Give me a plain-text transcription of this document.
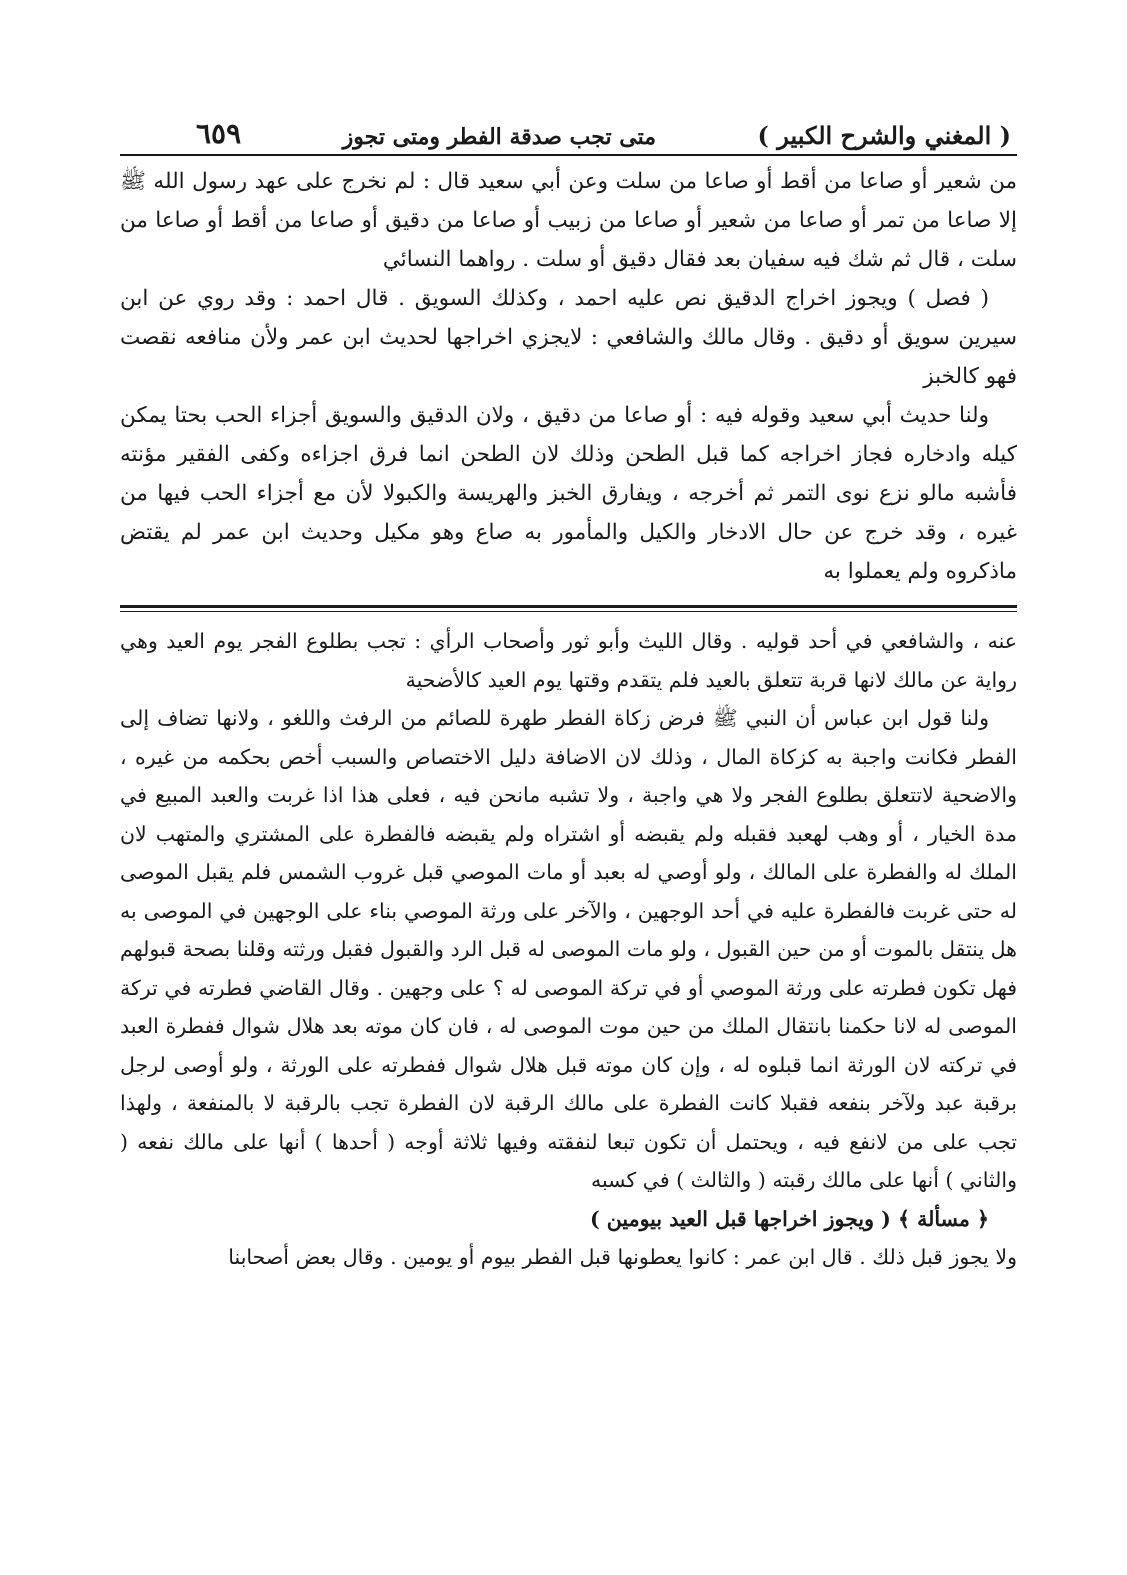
( المغني والشرح الكبير )
متى تجب صدقة الفطر ومتى تجوز
٦٥٩

من شعير أو صاعا من أقط أو صاعا من سلت وعن أبي سعيد قال : لم نخرج على عهد رسول الله ﷺ إلا صاعا من تمر أو صاعا من شعير أو صاعا من زبيب أو صاعا من دقيق أو صاعا من أقط أو صاعا من سلت ، قال ثم شك فيه سفيان بعد فقال دقيق أو سلت . رواهما النسائي

( فصل ) ويجوز اخراج الدقيق نص عليه احمد ، وكذلك السويق . قال احمد : وقد روي عن ابن سيرين سويق أو دقيق . وقال مالك والشافعي : لايجزي اخراجها لحديث ابن عمر ولأن منافعه نقصت فهو كالخبز

ولنا حديث أبي سعيد وقوله فيه : أو صاعا من دقيق ، ولان الدقيق والسويق أجزاء الحب بحتا يمكن كيله وادخاره فجاز اخراجه كما قبل الطحن وذلك لان الطحن انما فرق اجزاءه وكفى الفقير مؤنته فأشبه مالو نزع نوى التمر ثم أخرجه ، ويفارق الخبز والهريسة والكبولا لأن مع أجزاء الحب فيها من غيره ، وقد خرج عن حال الادخار والكيل والمأمور به صاع وهو مكيل وحديث ابن عمر لم يقتض ماذكروه ولم يعملوا به

عنه ، والشافعي في أحد قوليه . وقال الليث وأبو ثور وأصحاب الرأي : تجب بطلوع الفجر يوم العيد وهي رواية عن مالك لانها قربة تتعلق بالعيد فلم يتقدم وقتها يوم العيد كالأضحية

ولنا قول ابن عباس أن النبي ﷺ فرض زكاة الفطر طهرة للصائم من الرفث واللغو ، ولانها تضاف إلى الفطر فكانت واجبة به كزكاة المال ، وذلك لان الاضافة دليل الاختصاص والسبب أخص بحكمه من غيره ، والاضحية لاتتعلق بطلوع الفجر ولا هي واجبة ، ولا تشبه مانحن فيه ، فعلى هذا اذا غربت والعبد المبيع في مدة الخيار ، أو وهب لهعبد فقبله ولم يقبضه أو اشتراه ولم يقبضه فالفطرة على المشتري والمتهب لان الملك له والفطرة على المالك ، ولو أوصي له بعبد أو مات الموصي قبل غروب الشمس فلم يقبل الموصى له حتى غربت فالفطرة عليه في أحد الوجهين ، والآخر على ورثة الموصي بناء على الوجهين في الموصى به هل ينتقل بالموت أو من حين القبول ، ولو مات الموصى له قبل الرد والقبول فقبل ورثته وقلنا بصحة قبولهم فهل تكون فطرته على ورثة الموصي أو في تركة الموصى له ؟ على وجهين . وقال القاضي فطرته في تركة الموصى له لانا حكمنا بانتقال الملك من حين موت الموصى له ، فان كان موته بعد هلال شوال ففطرة العبد في تركته لان الورثة انما قبلوه له ، وإن كان موته قبل هلال شوال ففطرته على الورثة ، ولو أوصى لرجل برقبة عبد ولآخر بنفعه فقبلا كانت الفطرة على مالك الرقبة لان الفطرة تجب بالرقبة لا بالمنفعة ، ولهذا تجب على من لانفع فيه ، ويحتمل أن تكون تبعا لنفقته وفيها ثلاثة أوجه ( أحدها ) أنها على مالك نفعه ( والثاني ) أنها على مالك رقبته ( والثالث ) في كسبه

﴿ مسألة ﴾ ( ويجوز اخراجها قبل العيد بيومين )

ولا يجوز قبل ذلك . قال ابن عمر : كانوا يعطونها قبل الفطر بيوم أو يومين . وقال بعض أصحابنا
